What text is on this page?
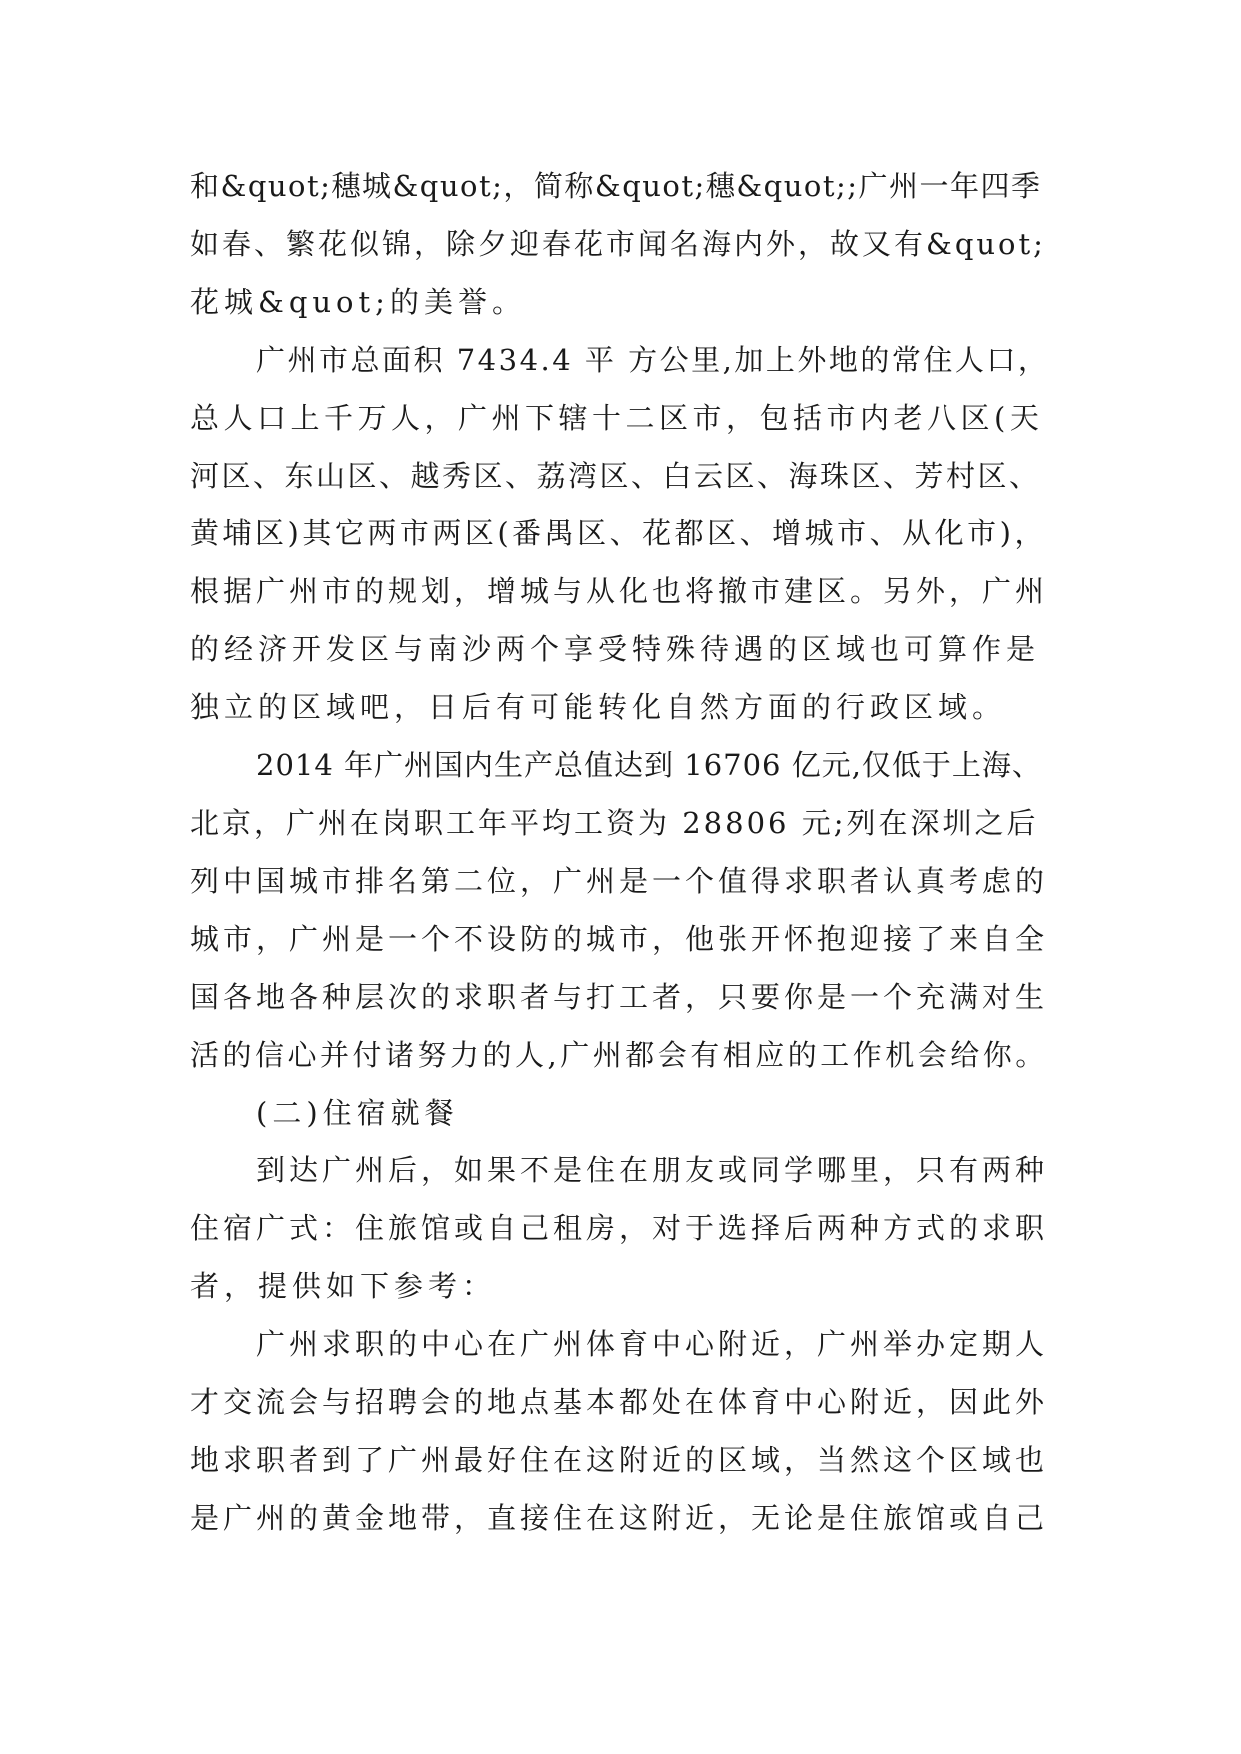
和&quot;穗城&quot;，简称&quot;穗&quot;;广州一年四季
如春、繁花似锦，除夕迎春花市闻名海内外，故又有&quot;
花城&quot;的美誉。
广州市总面积 7434.4 平 方公里,加上外地的常住人口，
总人口上千万人，广州下辖十二区市，包括市内老八区(天
河区、东山区、越秀区、荔湾区、白云区、海珠区、芳村区、
黄埔区)其它两市两区(番禺区、花都区、增城市、从化市)，
根据广州市的规划，增城与从化也将撤市建区。另外，广州
的经济开发区与南沙两个享受特殊待遇的区域也可算作是
独立的区域吧，日后有可能转化自然方面的行政区域。
2014 年广州国内生产总值达到 16706 亿元,仅低于上海、
北京，广州在岗职工年平均工资为 28806 元;列在深圳之后
列中国城市排名第二位，广州是一个值得求职者认真考虑的
城市，广州是一个不设防的城市，他张开怀抱迎接了来自全
国各地各种层次的求职者与打工者，只要你是一个充满对生
活的信心并付诸努力的人,广州都会有相应的工作机会给你。
(二)住宿就餐
到达广州后，如果不是住在朋友或同学哪里，只有两种
住宿广式：住旅馆或自己租房，对于选择后两种方式的求职
者，提供如下参考：
广州求职的中心在广州体育中心附近，广州举办定期人
才交流会与招聘会的地点基本都处在体育中心附近，因此外
地求职者到了广州最好住在这附近的区域，当然这个区域也
是广州的黄金地带，直接住在这附近，无论是住旅馆或自己
